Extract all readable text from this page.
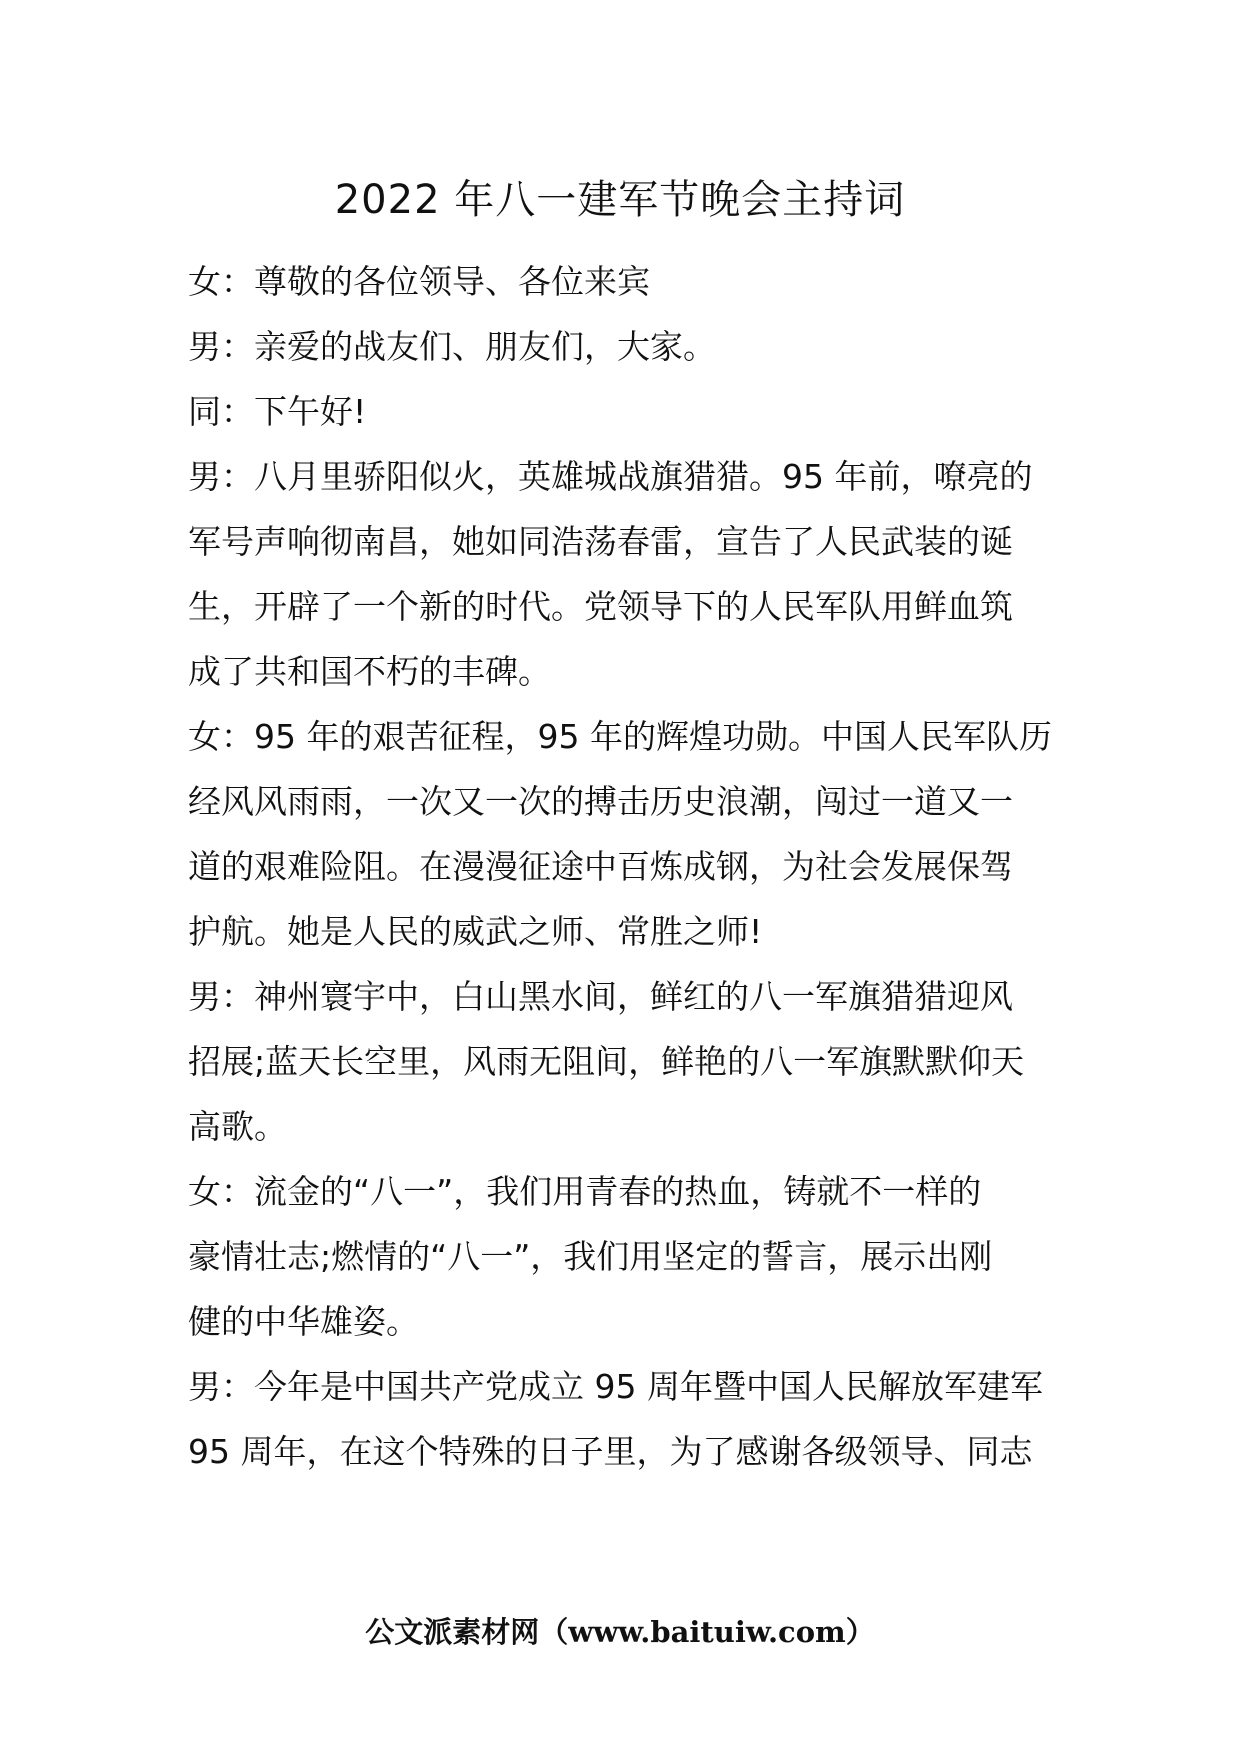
2022 年八一建军节晚会主持词
女：尊敬的各位领导、各位来宾
男：亲爱的战友们、朋友们，大家。
同：下午好!
男：八月里骄阳似火，英雄城战旗猎猎。95 年前，嘹亮的
军号声响彻南昌，她如同浩荡春雷，宣告了人民武装的诞
生，开辟了一个新的时代。党领导下的人民军队用鲜血筑
成了共和国不朽的丰碑。
女：95 年的艰苦征程，95 年的辉煌功勋。中国人民军队历
经风风雨雨，一次又一次的搏击历史浪潮，闯过一道又一
道的艰难险阻。在漫漫征途中百炼成钢，为社会发展保驾
护航。她是人民的威武之师、常胜之师!
男：神州寰宇中，白山黑水间，鲜红的八一军旗猎猎迎风
招展;蓝天长空里，风雨无阻间，鲜艳的八一军旗默默仰天
高歌。
女：流金的“八一”，我们用青春的热血，铸就不一样的
豪情壮志;燃情的“八一”，我们用坚定的誓言，展示出刚
健的中华雄姿。
男：今年是中国共产党成立 95 周年暨中国人民解放军建军
95 周年，在这个特殊的日子里，为了感谢各级领导、同志
公文派素材网（www.baituiw.com）
